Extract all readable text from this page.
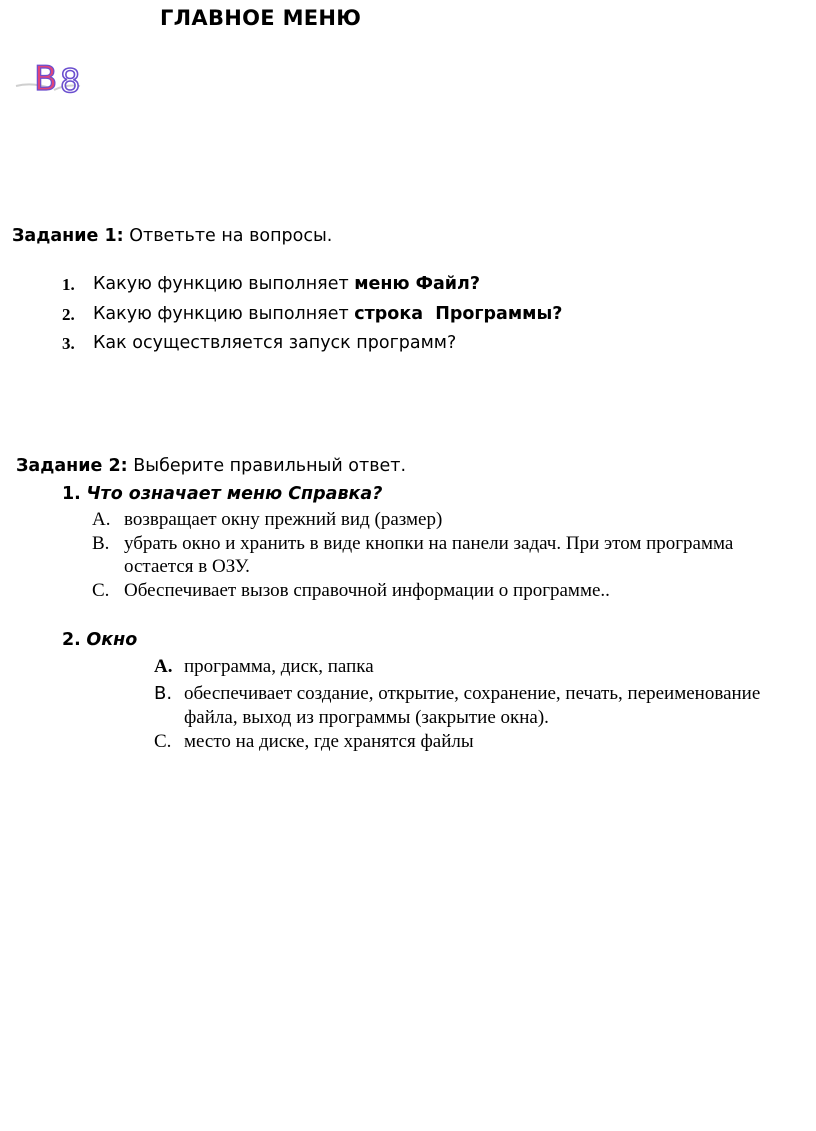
ГЛАВНОЕ МЕНЮ
B 8
Задание 1: Ответьте на вопросы.
1. Какую функцию выполняет меню Файл?
2. Какую функцию выполняет строка  Программы?
3. Как осуществляется запуск программ?
Задание 2: Выберите правильный ответ.
1. Что означает меню Справка?
A. возвращает окну прежний вид (размер)
B. убрать окно и хранить в виде кнопки на панели задач. При этом программа
остается в ОЗУ.
C. Обеспечивает вызов справочной информации о программе..
2. Окно
A. программа, диск, папка
B. обеспечивает создание, открытие, сохранение, печать, переименование
файла, выход из программы (закрытие окна).
C. место на диске, где хранятся файлы
